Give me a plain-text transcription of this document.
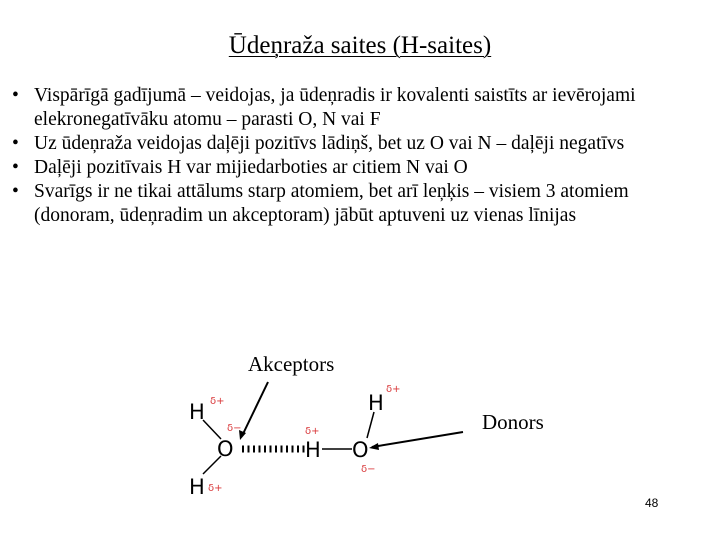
Ūdeņraža saites (H-saites)
• Vispārīgā gadījumā – veidojas, ja ūdeņradis ir kovalenti saistīts ar ievērojami elekronegatīvāku atomu – parasti O, N vai F
• Uz ūdeņraža veidojas daļēji pozitīvs lādiņš, bet uz O vai N – daļēji negatīvs
• Daļēji pozitīvais H var mijiedarboties ar citiem N vai O
• Svarīgs ir ne tikai attālums starp atomiem, bet arī leņķis – visiem 3 atomiem (donoram, ūdeņradim un akceptoram) jābūt aptuveni uz vienas līnijas
Akceptors
Donors
H
O
H
H O
H
δ+
δ−
δ+
δ+
δ+
δ−
48
